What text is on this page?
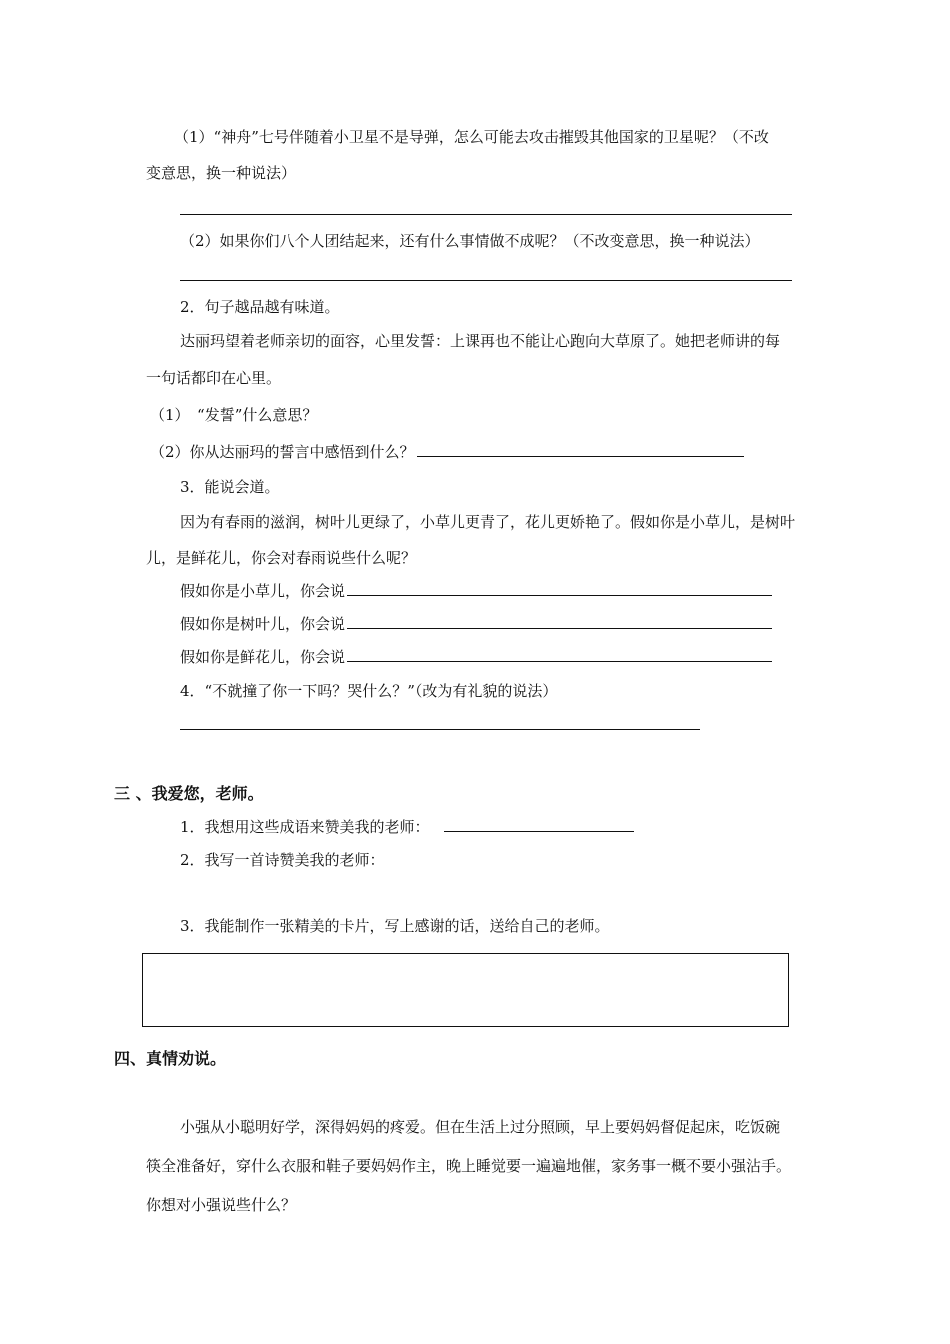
（1）“神舟”七号伴随着小卫星不是导弹，怎么可能去攻击摧毁其他国家的卫星呢？（不改
变意思，换一种说法）
（2）如果你们八个人团结起来，还有什么事情做不成呢？（不改变意思，换一种说法）
2．句子越品越有味道。
达丽玛望着老师亲切的面容，心里发誓：上课再也不能让心跑向大草原了。她把老师讲的每
一句话都印在心里。
（1）　“发誓”什么意思？
（2）你从达丽玛的誓言中感悟到什么？
3．能说会道。
因为有春雨的滋润，树叶儿更绿了，小草儿更青了，花儿更娇艳了。假如你是小草儿，是树叶
儿，是鲜花儿，你会对春雨说些什么呢？
假如你是小草儿，你会说
假如你是树叶儿，你会说
假如你是鲜花儿，你会说
4．“不就撞了你一下吗？哭什么？”（改为有礼貌的说法）
三 、我爱您，老师。
1．我想用这些成语来赞美我的老师：
2．我写一首诗赞美我的老师：
3．我能制作一张精美的卡片，写上感谢的话，送给自己的老师。
四、真情劝说。
小强从小聪明好学，深得妈妈的疼爱。但在生活上过分照顾，早上要妈妈督促起床，吃饭碗
筷全准备好，穿什么衣服和鞋子要妈妈作主，晚上睡觉要一遍遍地催，家务事一概不要小强沾手。
你想对小强说些什么？
